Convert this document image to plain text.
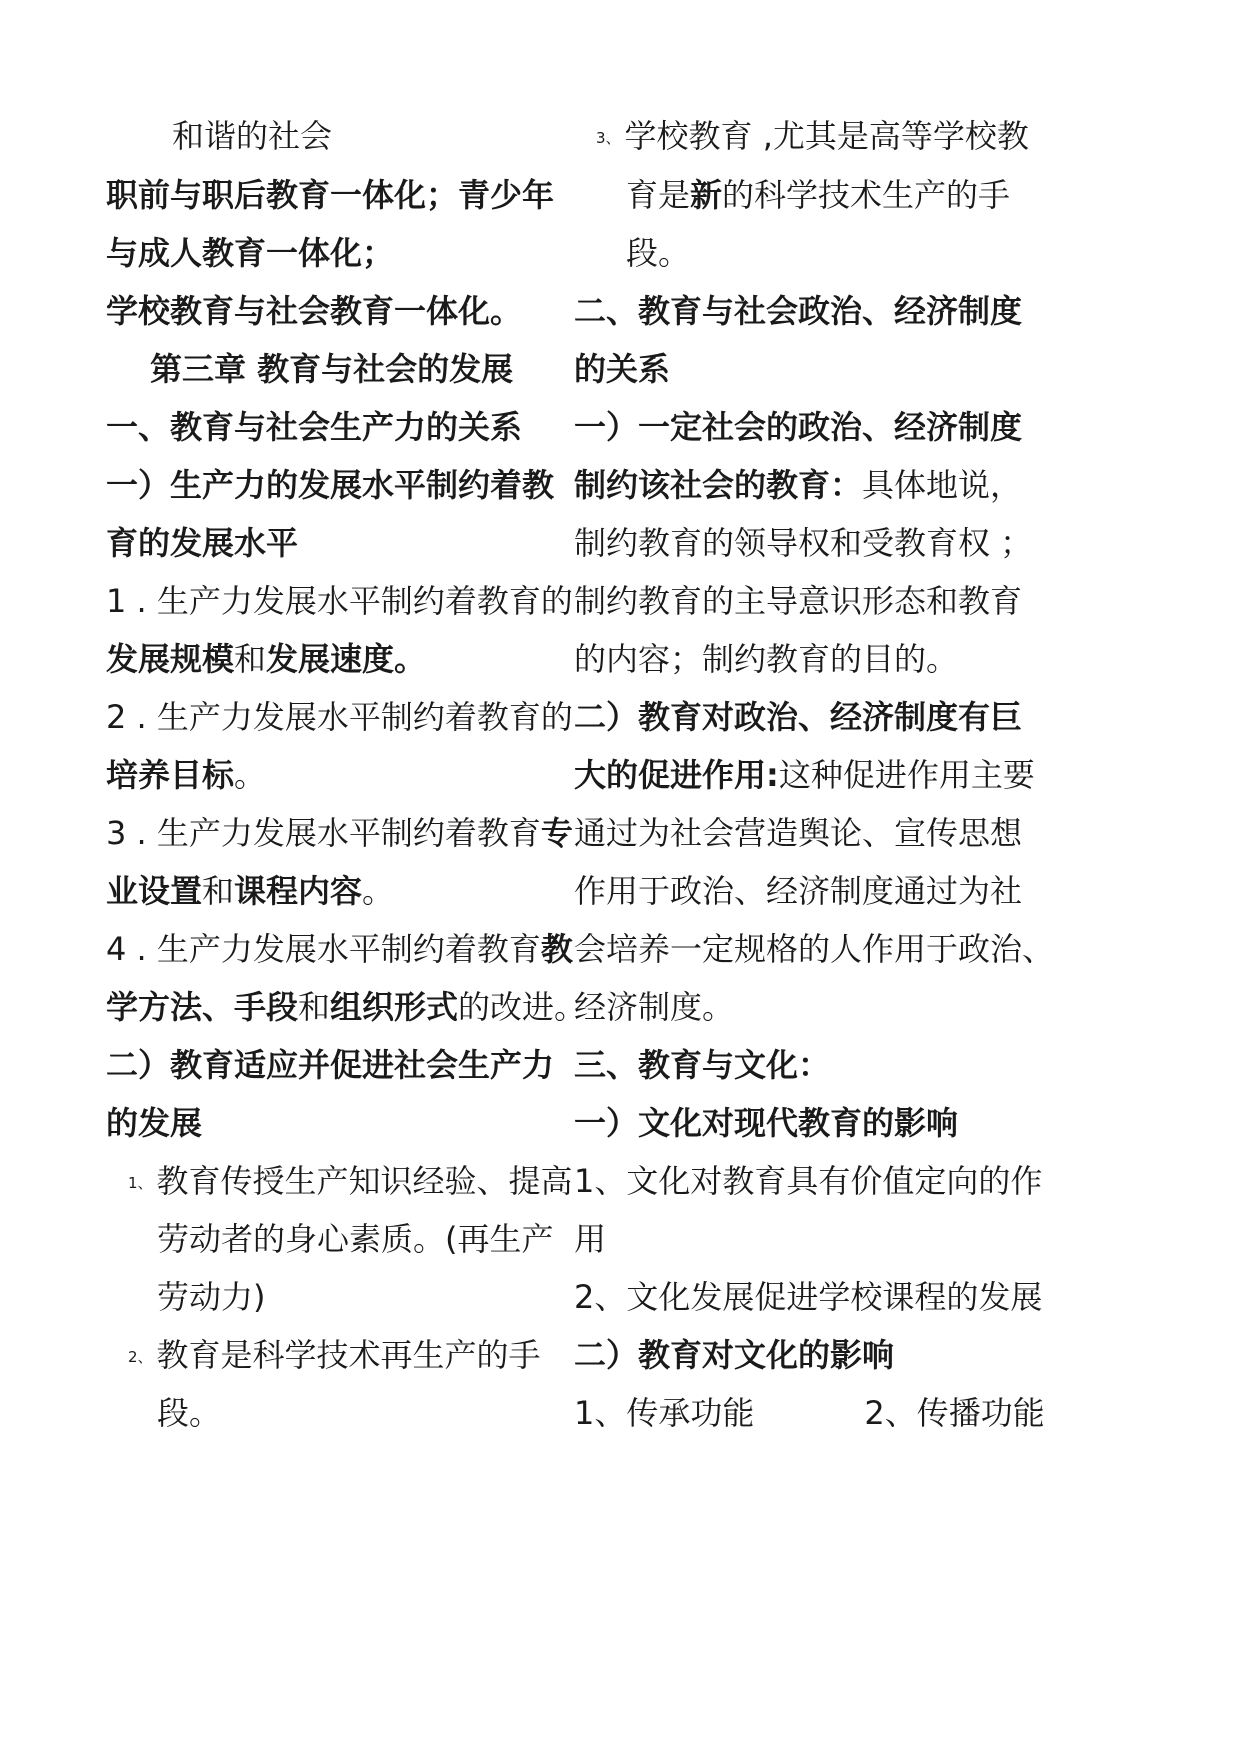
和谐的社会
职前与职后教育一体化；青少年
与成人教育一体化；
学校教育与社会教育一体化。
第三章 教育与社会的发展
一、教育与社会生产力的关系
一）生产力的发展水平制约着教
育的发展水平
1 . 生产力发展水平制约着教育的
发展规模和发展速度。
2 . 生产力发展水平制约着教育的
培养目标。
3 . 生产力发展水平制约着教育专
业设置和课程内容。
4 . 生产力发展水平制约着教育教
学方法、手段和组织形式的改进。
二）教育适应并促进社会生产力
的发展
1、 教育传授生产知识经验、提高
劳动者的身心素质。(再生产
劳动力)
2、 教育是科学技术再生产的手
段。
3、 学校教育 ,尤其是高等学校教
育是新的科学技术生产的手
段。
二、教育与社会政治、经济制度
的关系
一）一定社会的政治、经济制度
制约该社会的教育：具体地说，
制约教育的领导权和受教育权 ；
制约教育的主导意识形态和教育
的内容；制约教育的目的。
二）教育对政治、经济制度有巨
大的促进作用:这种促进作用主要
通过为社会营造舆论、宣传思想
作用于政治、经济制度通过为社
会培养一定规格的人作用于政治、
经济制度。
三、教育与文化：
一）文化对现代教育的影响
1、文化对教育具有价值定向的作
用
2、文化发展促进学校课程的发展
二）教育对文化的影响
1、传承功能	2、传播功能
